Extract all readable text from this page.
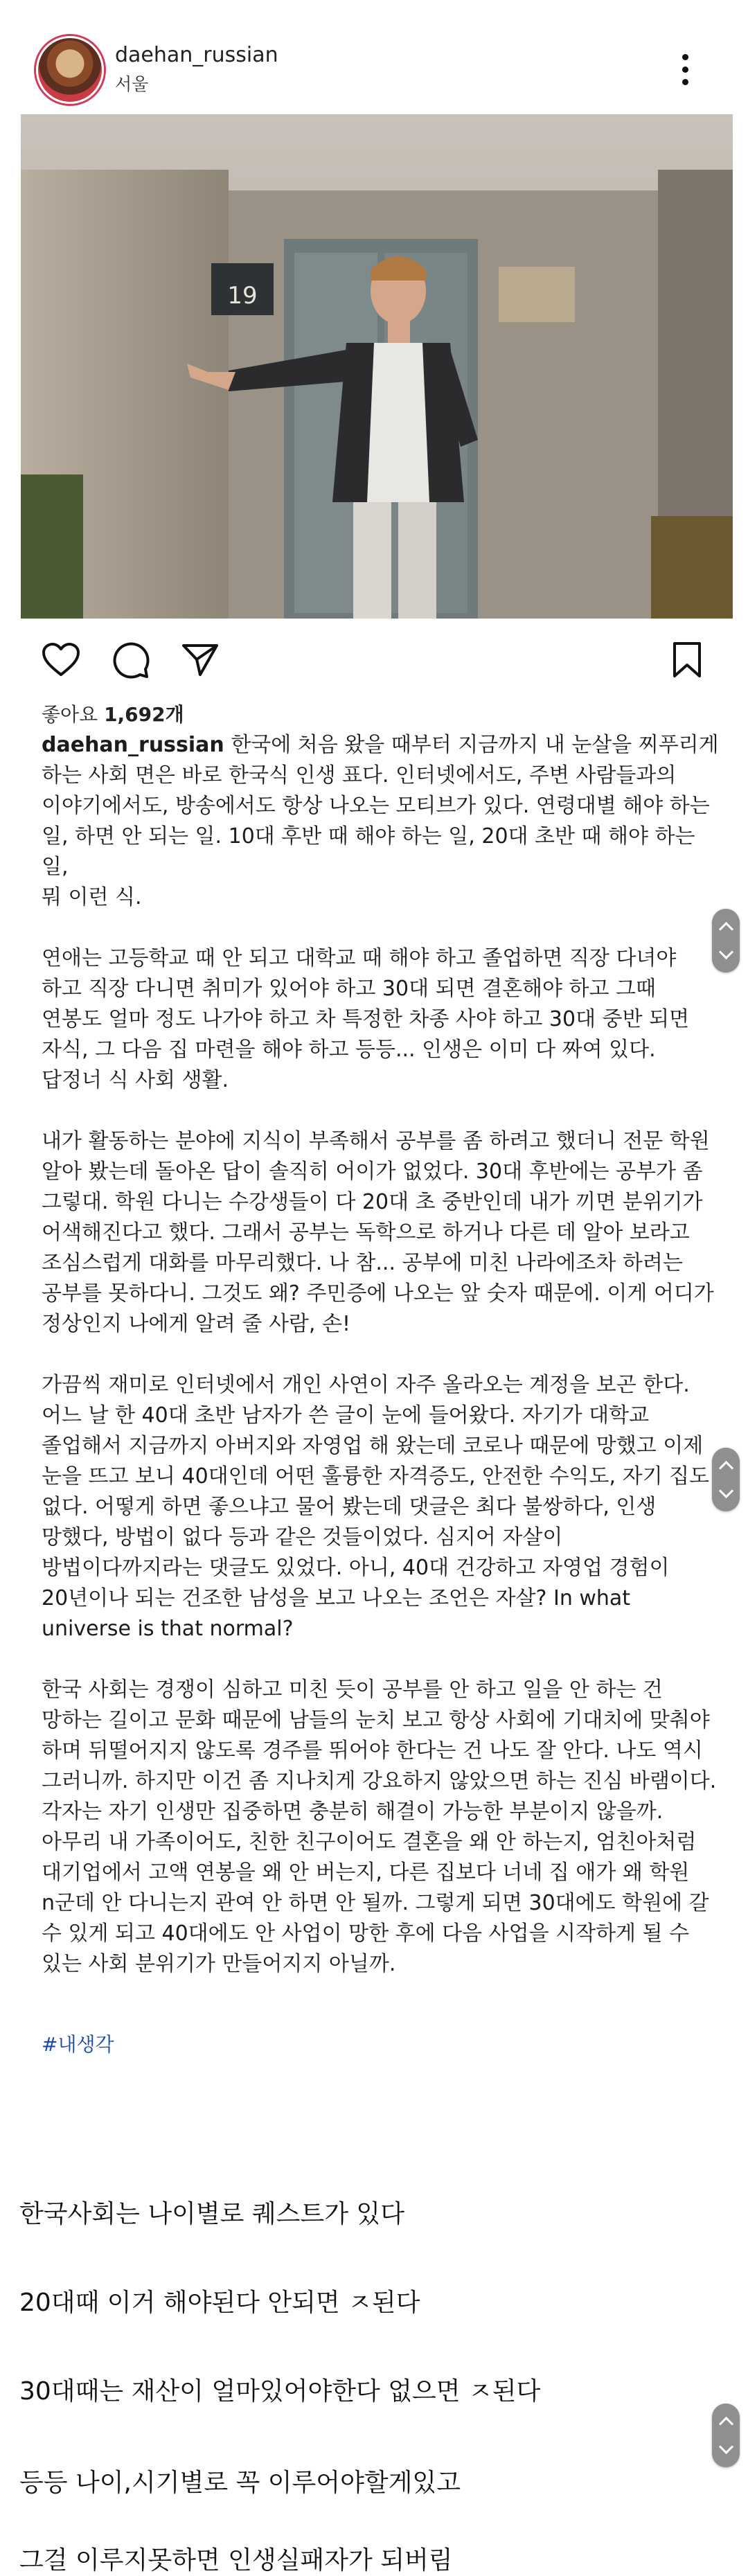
daehan_russian
서울
19
좋아요 1,692개

daehan_russian 한국에 처음 왔을 때부터 지금까지 내 눈살을 찌푸리게
하는 사회 면은 바로 한국식 인생 표다. 인터넷에서도, 주변 사람들과의
이야기에서도, 방송에서도 항상 나오는 모티브가 있다. 연령대별 해야 하는
일, 하면 안 되는 일. 10대 후반 때 해야 하는 일, 20대 초반 때 해야 하는 일,
뭐 이런 식.

연애는 고등학교 때 안 되고 대학교 때 해야 하고 졸업하면 직장 다녀야
하고 직장 다니면 취미가 있어야 하고 30대 되면 결혼해야 하고 그때
연봉도 얼마 정도 나가야 하고 차 특정한 차종 사야 하고 30대 중반 되면
자식, 그 다음 집 마련을 해야 하고 등등... 인생은 이미 다 짜여 있다.
답정너 식 사회 생활.

내가 활동하는 분야에 지식이 부족해서 공부를 좀 하려고 했더니 전문 학원
알아 봤는데 돌아온 답이 솔직히 어이가 없었다. 30대 후반에는 공부가 좀
그렇대. 학원 다니는 수강생들이 다 20대 초 중반인데 내가 끼면 분위기가
어색해진다고 했다. 그래서 공부는 독학으로 하거나 다른 데 알아 보라고
조심스럽게 대화를 마무리했다. 나 참... 공부에 미친 나라에조차 하려는
공부를 못하다니. 그것도 왜? 주민증에 나오는 앞 숫자 때문에. 이게 어디가
정상인지 나에게 알려 줄 사람, 손!

가끔씩 재미로 인터넷에서 개인 사연이 자주 올라오는 계정을 보곤 한다.
어느 날 한 40대 초반 남자가 쓴 글이 눈에 들어왔다. 자기가 대학교
졸업해서 지금까지 아버지와 자영업 해 왔는데 코로나 때문에 망했고 이제
눈을 뜨고 보니 40대인데 어떤 훌륭한 자격증도, 안전한 수익도, 자기 집도
없다. 어떻게 하면 좋으냐고 물어 봤는데 댓글은 최다 불쌍하다, 인생
망했다, 방법이 없다 등과 같은 것들이었다. 심지어 자살이
방법이다까지라는 댓글도 있었다. 아니, 40대 건강하고 자영업 경험이
20년이나 되는 건조한 남성을 보고 나오는 조언은 자살? In what
universe is that normal?

한국 사회는 경쟁이 심하고 미친 듯이 공부를 안 하고 일을 안 하는 건
망하는 길이고 문화 때문에 남들의 눈치 보고 항상 사회에 기대치에 맞춰야
하며 뒤떨어지지 않도록 경주를 뛰어야 한다는 건 나도 잘 안다. 나도 역시
그러니까. 하지만 이건 좀 지나치게 강요하지 않았으면 하는 진심 바램이다.
각자는 자기 인생만 집중하면 충분히 해결이 가능한 부분이지 않을까.
아무리 내 가족이어도, 친한 친구이어도 결혼을 왜 안 하는지, 엄친아처럼
대기업에서 고액 연봉을 왜 안 버는지, 다른 집보다 너네 집 애가 왜 학원
n군데 안 다니는지 관여 안 하면 안 될까. 그렇게 되면 30대에도 학원에 갈
수 있게 되고 40대에도 안 사업이 망한 후에 다음 사업을 시작하게 될 수
있는 사회 분위기가 만들어지지 아닐까.

#내생각
한국사회는 나이별로 퀘스트가 있다
20대때 이거 해야된다 안되면 ㅈ된다
30대때는 재산이 얼마있어야한다 없으면 ㅈ된다
등등 나이,시기별로 꼭 이루어야할게있고
그걸 이루지못하면 인생실패자가 되버림
